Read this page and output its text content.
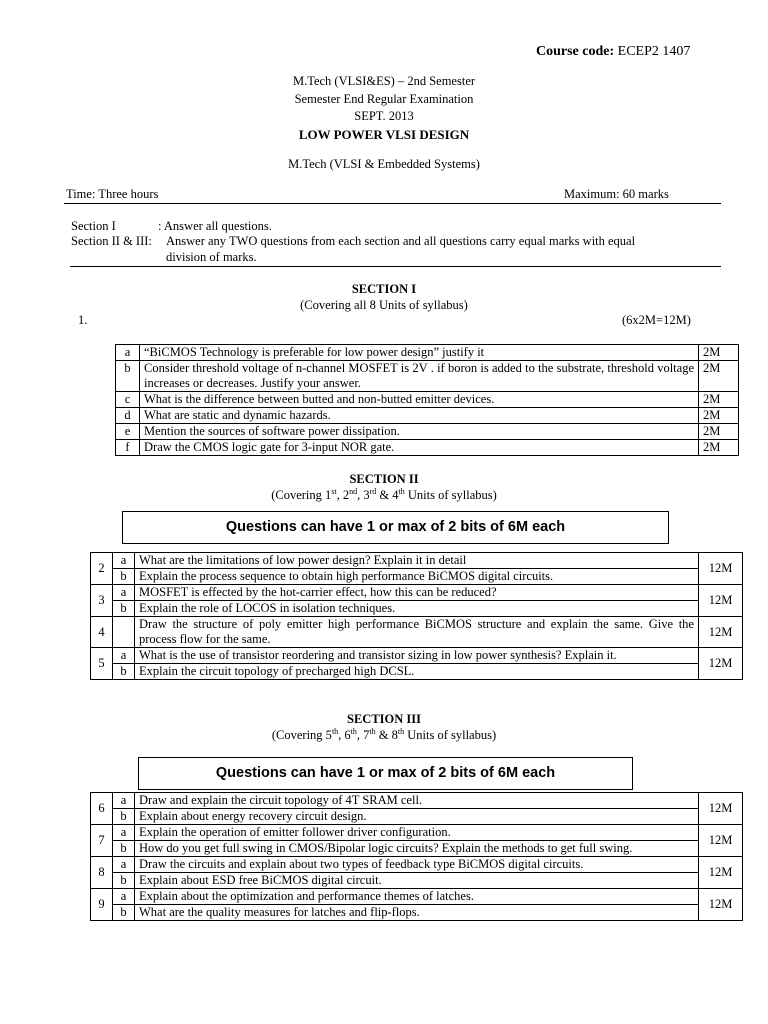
Course code: ECEP2 1407
M.Tech (VLSI&ES) – 2nd Semester
Semester End Regular Examination
SEPT. 2013
LOW POWER VLSI DESIGN
M.Tech (VLSI & Embedded Systems)
Time: Three hours	Maximum: 60 marks
Section I	: Answer all questions.
Section II & III: Answer any TWO questions from each section and all questions carry equal marks with equal
division of marks.
SECTION I
(Covering all 8 Units of syllabus)
1.	(6x2M=12M)
a	“BiCMOS Technology is preferable for low power design” justify it	2M
b	Consider threshold voltage of n-channel MOSFET is 2V . if boron is added to the substrate, threshold voltage increases or decreases. Justify your answer.	2M
c	What is the difference between butted and non-butted emitter devices.	2M
d	What are static and dynamic hazards.	2M
e	Mention the sources of software power dissipation.	2M
f	Draw the CMOS logic gate for 3-input NOR gate.	2M
SECTION II
(Covering 1st, 2nd, 3rd & 4th Units of syllabus)
Questions can have 1 or max of 2 bits of 6M each
2	a	What are the limitations of low power design? Explain it in detail	12M
	b	Explain the process sequence to obtain high performance BiCMOS digital circuits.	
3	a	MOSFET is effected by the hot-carrier effect, how this can be reduced?	12M
	b	Explain the role of LOCOS in isolation techniques.	
4		Draw the structure of poly emitter high performance BiCMOS structure and explain the same. Give the process flow for the same.	12M
5	a	What is the use of transistor reordering and transistor sizing in low power synthesis? Explain it.	12M
	b	Explain the circuit topology of precharged high DCSL.	
SECTION III
(Covering 5th, 6th, 7th & 8th Units of syllabus)
Questions can have 1 or max of 2 bits of 6M each
6	a	Draw and explain the circuit topology of 4T SRAM cell.	12M
	b	Explain about energy recovery circuit design.	
7	a	Explain the operation of emitter follower driver configuration.	12M
	b	How do you get full swing in CMOS/Bipolar logic circuits? Explain the methods to get full swing.	
8	a	Draw the circuits and explain about two types of feedback type BiCMOS digital circuits.	12M
	b	Explain about ESD free BiCMOS digital circuit.	
9	a	Explain about the optimization and performance themes of latches.	12M
	b	What are the quality measures for latches and flip-flops.	
